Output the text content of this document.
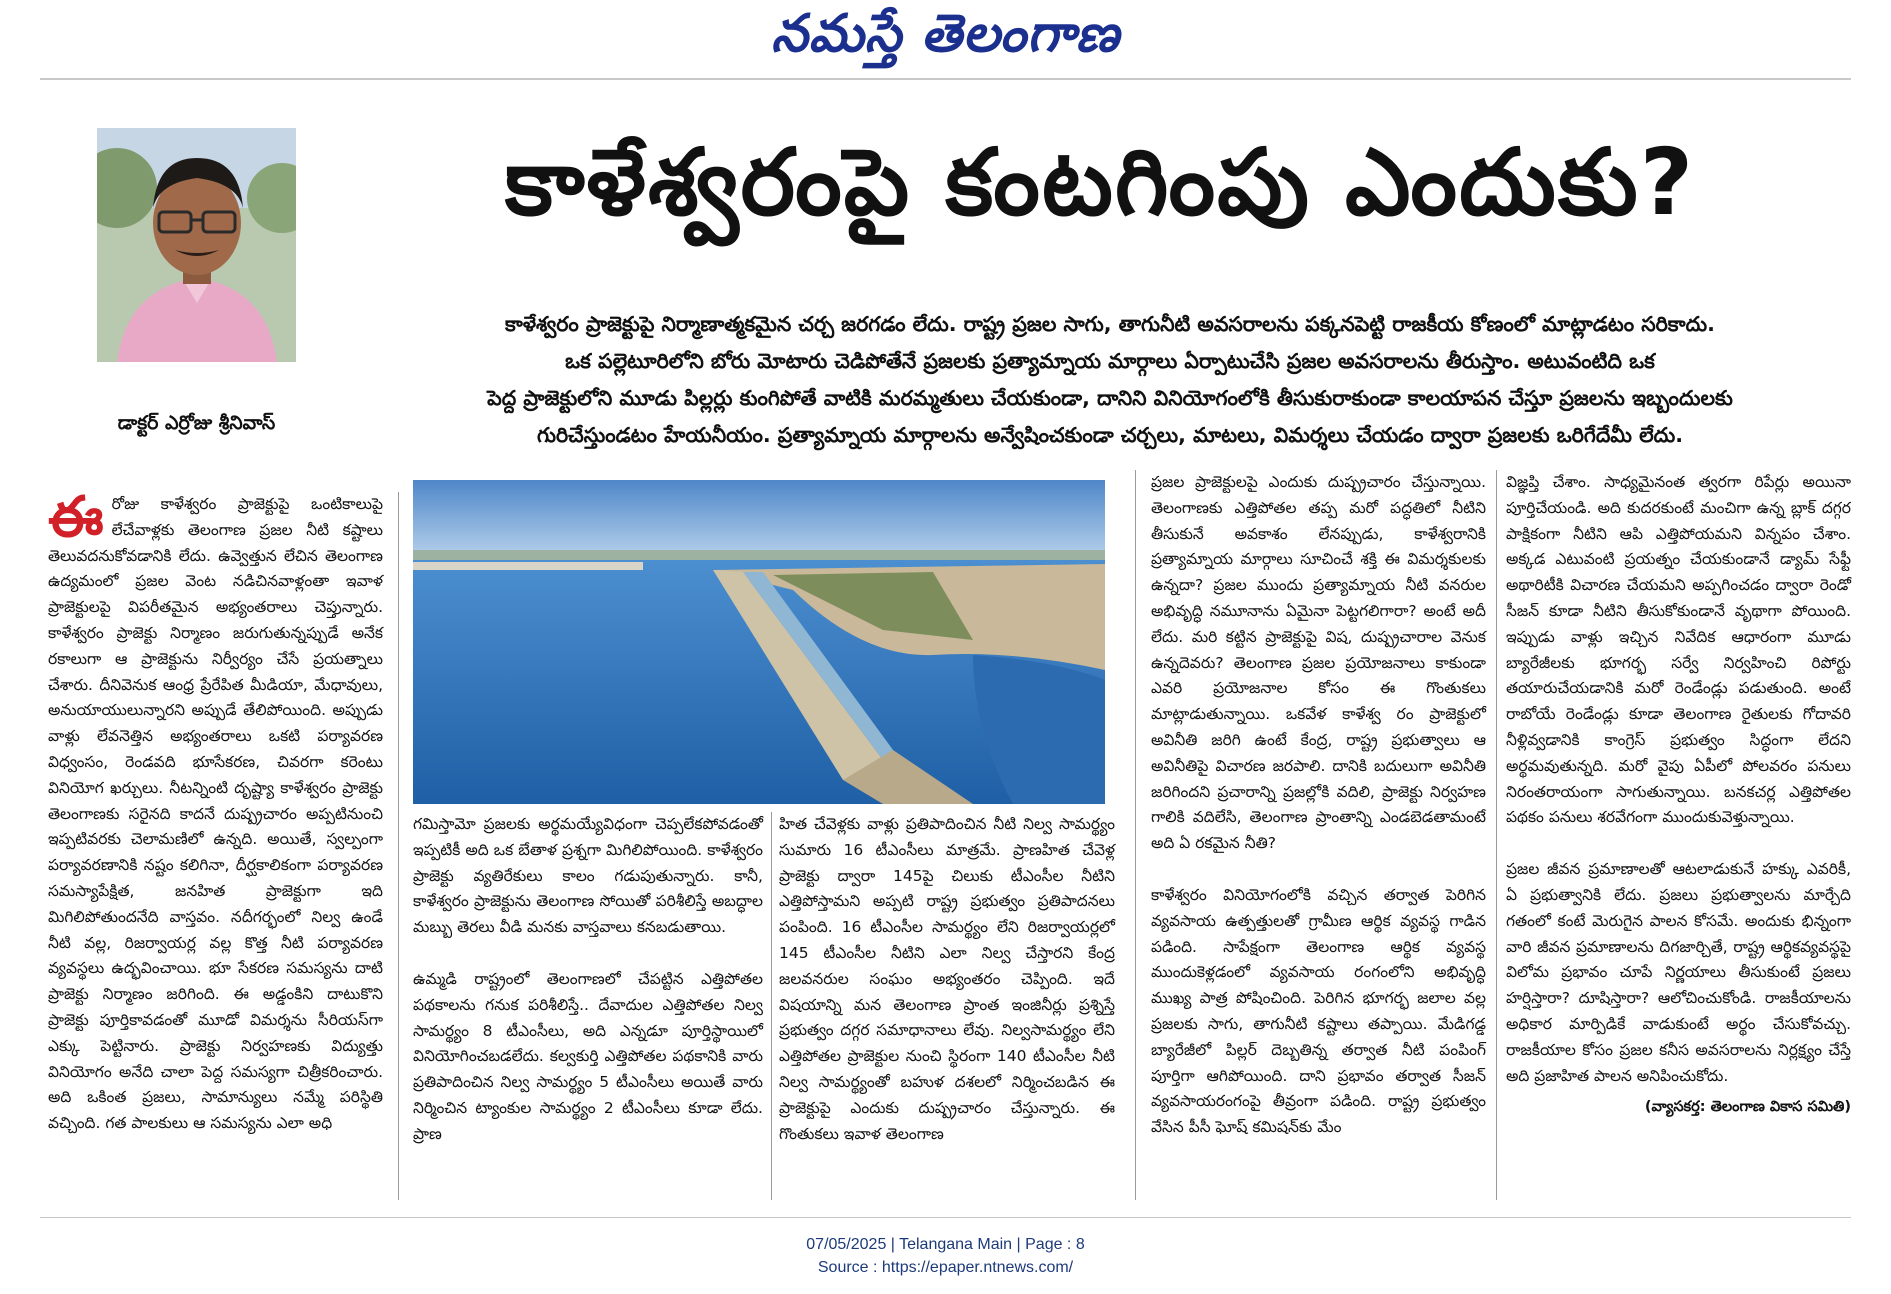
నమస్తే తెలంగాణ
డాక్టర్ ఎర్రోజు శ్రీనివాస్
కాళేశ్వరంపై కంటగింపు ఎందుకు?
కాళేశ్వరం ప్రాజెక్టుపై నిర్మాణాత్మకమైన చర్చ జరగడం లేదు. రాష్ట్ర ప్రజల సాగు, తాగునీటి అవసరాలను పక్కనపెట్టి రాజకీయ కోణంలో మాట్లాడటం సరికాదు.
ఒక పల్లెటూరిలోని బోరు మోటారు చెడిపోతేనే ప్రజలకు ప్రత్యామ్నాయ మార్గాలు ఏర్పాటుచేసి ప్రజల అవసరాలను తీరుస్తాం. అటువంటిది ఒక
పెద్ద ప్రాజెక్టులోని మూడు పిల్లర్లు కుంగిపోతే వాటికి మరమ్మతులు చేయకుండా, దానిని వినియోగంలోకి తీసుకురాకుండా కాలయాపన చేస్తూ ప్రజలను ఇబ్బందులకు
గురిచేస్తుండటం హేయనీయం. ప్రత్యామ్నాయ మార్గాలను అన్వేషించకుండా చర్చలు, మాటలు, విమర్శలు చేయడం ద్వారా ప్రజలకు ఒరిగేదేమీ లేదు.

ఈరోజు కాళేశ్వరం ప్రాజెక్టుపై ఒంటికాలుపై లేచేవాళ్లకు తెలంగాణ ప్రజల నీటి కష్టాలు తెలువదనుకోవడానికి లేదు. ఉవ్వెత్తున లేచిన తెలంగాణ ఉద్యమంలో ప్రజల వెంట నడిచినవాళ్లంతా ఇవాళ ప్రాజెక్టులపై విపరీతమైన అభ్యంతరాలు చెప్తున్నారు. కాళేశ్వరం ప్రాజెక్టు నిర్మాణం జరుగుతున్నప్పుడే అనేక రకాలుగా ఆ ప్రాజెక్టును నిర్వీర్యం చేసే ప్రయత్నాలు చేశారు. దీనివెనుక ఆంధ్ర ప్రేరేపిత మీడియా, మేధావులు, అనుయాయులున్నారని అప్పుడే తేలిపోయింది. అప్పుడు వాళ్లు లేవనెత్తిన అభ్యంతరాలు ఒకటి పర్యావరణ విధ్వంసం, రెండవది భూసేకరణ, చివరగా కరెంటు వినియోగ ఖర్చులు. నీటన్నింటి దృష్ట్యా కాళేశ్వరం ప్రాజెక్టు తెలంగాణకు సరైనది కాదనే దుష్ప్రచారం అప్పటినుంచి ఇప్పటివరకు చెలామణిలో ఉన్నది. అయితే, స్వల్పంగా పర్యావరణానికి నష్టం కలిగినా, దీర్ఘకాలికంగా పర్యావరణ సమస్యాపేక్షిత, జనహిత ప్రాజెక్టుగా ఇది మిగిలిపోతుందనేది వాస్తవం. నదీగర్భంలో నిల్వ ఉండే నీటి వల్ల, రిజర్వాయర్ల వల్ల కొత్త నీటి పర్యావరణ వ్యవస్థలు ఉద్భవించాయి. భూ సేకరణ సమస్యను దాటి ప్రాజెక్టు నిర్మాణం జరిగింది. ఈ అడ్డంకిని దాటుకొని ప్రాజెక్టు పూర్తికావడంతో మూడో విమర్శను సీరియస్‌గా ఎక్కు పెట్టినారు. ప్రాజెక్టు నిర్వహణకు విద్యుత్తు వినియోగం అనేది చాలా పెద్ద సమస్యగా చిత్రీకరించారు. అది ఒకింత ప్రజలు, సామాన్యులు నమ్మే పరిస్థితి వచ్చింది. గత పాలకులు ఆ సమస్యను ఎలా అధి

గమిస్తామో ప్రజలకు అర్థమయ్యేవిధంగా చెప్పలేకపోవడంతో ఇప్పటికీ అది ఒక బేతాళ ప్రశ్నగా మిగిలిపోయింది. కాళేశ్వరం ప్రాజెక్టు వ్యతిరేకులు కాలం గడుపుతున్నారు. కానీ, కాళేశ్వరం ప్రాజెక్టును తెలంగాణ సోయితో పరిశీలిస్తే అబద్ధాల మబ్బు తెరలు వీడి మనకు వాస్తవాలు కనబడుతాయి.

ఉమ్మడి రాష్ట్రంలో తెలంగాణలో చేపట్టిన ఎత్తిపోతల పథకాలను గనుక పరిశీలిస్తే.. దేవాదుల ఎత్తిపోతల నిల్వ సామర్థ్యం 8 టీఎంసీలు, అది ఎన్నడూ పూర్తిస్థాయిలో వినియోగించబడలేదు. కల్వకుర్తి ఎత్తిపోతల పథకానికి వారు ప్రతిపాదించిన నిల్వ సామర్థ్యం 5 టీఎంసీలు అయితే వారు నిర్మించిన ట్యాంకుల సామర్థ్యం 2 టీఎంసీలు కూడా లేదు. ప్రాణ

హిత చేవెళ్లకు వాళ్లు ప్రతిపాదించిన నీటి నిల్వ సామర్థ్యం సుమారు 16 టీఎంసీలు మాత్రమే. ప్రాణహిత చేవెళ్ల ప్రాజెక్టు ద్వారా 145పై చిలుకు టీఎంసీల నీటిని ఎత్తిపోస్తామని అప్పటి రాష్ట్ర ప్రభుత్వం ప్రతిపాదనలు పంపింది. 16 టీఎంసీల సామర్థ్యం లేని రిజర్వాయర్లలో 145 టీఎంసీల నీటిని ఎలా నిల్వ చేస్తారని కేంద్ర జలవనరుల సంఘం అభ్యంతరం చెప్పింది. ఇదే విషయాన్ని మన తెలంగాణ ప్రాంత ఇంజినీర్లు ప్రశ్నిస్తే ప్రభుత్వం దగ్గర సమాధానాలు లేవు. నిల్వసామర్థ్యం లేని ఎత్తిపోతల ప్రాజెక్టుల నుంచి స్థిరంగా 140 టీఎంసీల నీటి నిల్వ సామర్థ్యంతో బహుళ దశలలో నిర్మించబడిన ఈ ప్రాజెక్టుపై ఎందుకు దుష్ప్రచారం చేస్తున్నారు. ఈ గొంతుకలు ఇవాళ తెలంగాణ

ప్రజల ప్రాజెక్టులపై ఎందుకు దుష్ప్రచారం చేస్తున్నాయి. తెలంగాణకు ఎత్తిపోతల తప్ప మరో పద్ధతిలో నీటిని తీసుకునే అవకాశం లేనప్పుడు, కాళేశ్వరానికి ప్రత్యామ్నాయ మార్గాలు సూచించే శక్తి ఈ విమర్శకులకు ఉన్నదా? ప్రజల ముందు ప్రత్యామ్నాయ నీటి వనరుల అభివృద్ధి నమూనాను ఏమైనా పెట్టగలిగారా? అంటే అదీ లేదు. మరి కట్టిన ప్రాజెక్టుపై విష, దుష్ప్రచారాల వెనుక ఉన్నదెవరు? తెలంగాణ ప్రజల ప్రయోజనాలు కాకుండా ఎవరి ప్రయోజనాల కోసం ఈ గొంతుకలు మాట్లాడుతున్నాయి. ఒకవేళ కాళేశ్వ రం ప్రాజెక్టులో అవినీతి జరిగి ఉంటే కేంద్ర, రాష్ట్ర ప్రభుత్వాలు ఆ అవినీతిపై విచారణ జరపాలి. దానికి బదులుగా అవినీతి జరిగిందని ప్రచారాన్ని ప్రజల్లోకి వదిలి, ప్రాజెక్టు నిర్వహణ గాలికి వదిలేసి, తెలంగాణ ప్రాంతాన్ని ఎండబెడతామంటే అది ఏ రకమైన నీతి?

కాళేశ్వరం వినియోగంలోకి వచ్చిన తర్వాత పెరిగిన వ్యవసాయ ఉత్పత్తులతో గ్రామీణ ఆర్థిక వ్యవస్థ గాడిన పడింది. సాపేక్షంగా తెలంగాణ ఆర్థిక వ్యవస్థ ముందుకెళ్లడంలో వ్యవసాయ రంగంలోని అభివృద్ధి ముఖ్య పాత్ర పోషించింది. పెరిగిన భూగర్భ జలాల వల్ల ప్రజలకు సాగు, తాగునీటి కష్టాలు తప్పాయి. మేడిగడ్డ బ్యారేజీలో పిల్లర్ దెబ్బతిన్న తర్వాత నీటి పంపింగ్ పూర్తిగా ఆగిపోయింది. దాని ప్రభావం తర్వాత సీజన్ వ్యవసాయరంగంపై తీవ్రంగా పడింది. రాష్ట్ర ప్రభుత్వం వేసిన పీసీ ఘోష్ కమిషన్‌కు మేం

విజ్ఞప్తి చేశాం. సాధ్యమైనంత త్వరగా రిపేర్లు అయినా పూర్తిచేయండి. అది కుదరకుంటే మంచిగా ఉన్న బ్లాక్ దగ్గర పాక్షికంగా నీటిని ఆపి ఎత్తిపోయమని విన్నపం చేశాం. అక్కడ ఎటువంటి ప్రయత్నం చేయకుండానే డ్యామ్ సేఫ్టీ అథారిటీకి విచారణ చేయమని అప్పగించడం ద్వారా రెండో సీజన్ కూడా నీటిని తీసుకోకుండానే వృథాగా పోయింది. ఇప్పుడు వాళ్లు ఇచ్చిన నివేదిక ఆధారంగా మూడు బ్యారేజీలకు భూగర్భ సర్వే నిర్వహించి రిపోర్టు తయారుచేయడానికి మరో రెండేండ్లు పడుతుంది. అంటే రాబోయే రెండేండ్లు కూడా తెలంగాణ రైతులకు గోదావరి నీళ్లివ్వడానికి కాంగ్రెస్ ప్రభుత్వం సిద్ధంగా లేదని అర్థమవుతున్నది. మరో వైపు ఏపీలో పోలవరం పనులు నిరంతరాయంగా సాగుతున్నాయి. బనకచర్ల ఎత్తిపోతల పథకం పనులు శరవేగంగా ముందుకువెళ్తున్నాయి.

ప్రజల జీవన ప్రమాణాలతో ఆటలాడుకునే హక్కు ఎవరికీ, ఏ ప్రభుత్వానికి లేదు. ప్రజలు ప్రభుత్వాలను మార్చేది గతంలో కంటే మెరుగైన పాలన కోసమే. అందుకు భిన్నంగా వారి జీవన ప్రమాణాలను దిగజార్చితే, రాష్ట్ర ఆర్థికవ్యవస్థపై విలోమ ప్రభావం చూపే నిర్ణయాలు తీసుకుంటే ప్రజలు హర్షిస్తారా? దూషిస్తారా? ఆలోచించుకోండి. రాజకీయాలను అధికార మార్పిడికే వాడుకుంటే అర్థం చేసుకోవచ్చు. రాజకీయాల కోసం ప్రజల కనీస అవసరాలను నిర్లక్ష్యం చేస్తే అది ప్రజాహిత పాలన అనిపించుకోదు.

(వ్యాసకర్త: తెలంగాణ వికాస సమితి)
07/05/2025 | Telangana Main | Page : 8
Source : https://epaper.ntnews.com/
